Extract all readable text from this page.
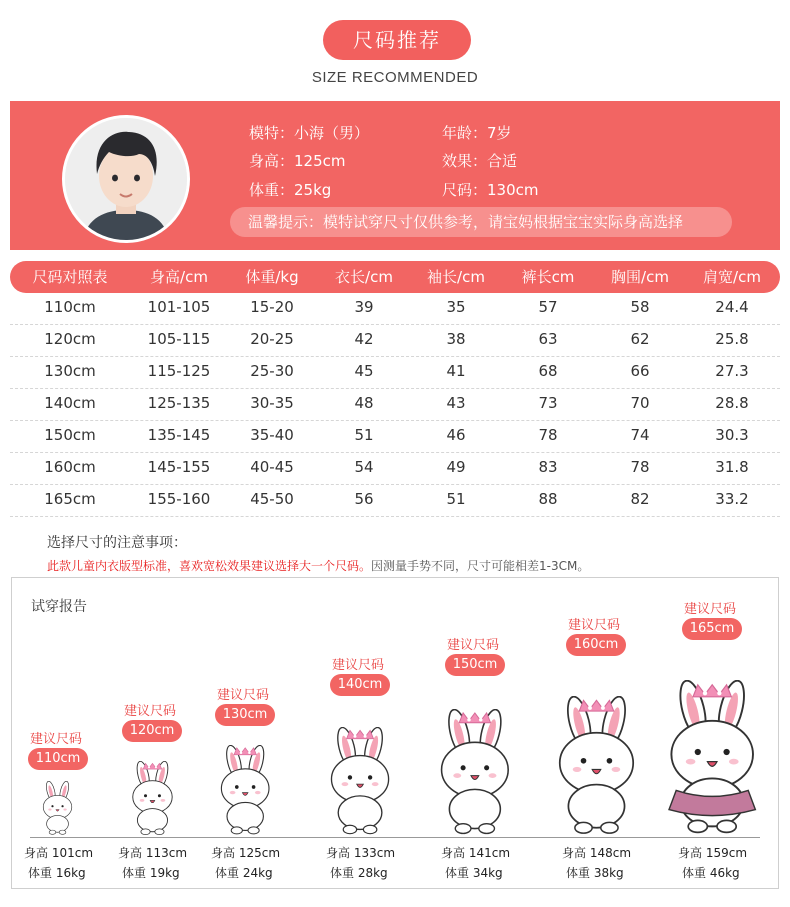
尺码推荐
SIZE RECOMMENDED
模特：小海（男）	年龄：7岁
身高：125cm	效果：合适
体重：25kg	尺码：130cm
温馨提示：模特试穿尺寸仅供参考，请宝妈根据宝宝实际身高选择
尺码对照表	身高/cm	体重/kg	衣长/cm	袖长/cm	裤长cm	胸围/cm	肩宽/cm
110cm	101-105	15-20	39	35	57	58	24.4
120cm	105-115	20-25	42	38	63	62	25.8
130cm	115-125	25-30	45	41	68	66	27.3
140cm	125-135	30-35	48	43	73	70	28.8
150cm	135-145	35-40	51	46	78	74	30.3
160cm	145-155	40-45	54	49	83	78	31.8
165cm	155-160	45-50	56	51	88	82	33.2
选择尺寸的注意事项：
此款儿童内衣版型标准，喜欢宽松效果建议选择大一个尺码。因测量手势不同，尺寸可能相差1-3CM。
试穿报告
建议尺码
110cm
身高 101cm
体重 16kg
建议尺码
120cm
身高 113cm
体重 19kg
建议尺码
130cm
身高 125cm
体重 24kg
建议尺码
140cm
身高 133cm
体重 28kg
建议尺码
150cm
身高 141cm
体重 34kg
建议尺码
160cm
身高 148cm
体重 38kg
建议尺码
165cm
身高 159cm
体重 46kg
